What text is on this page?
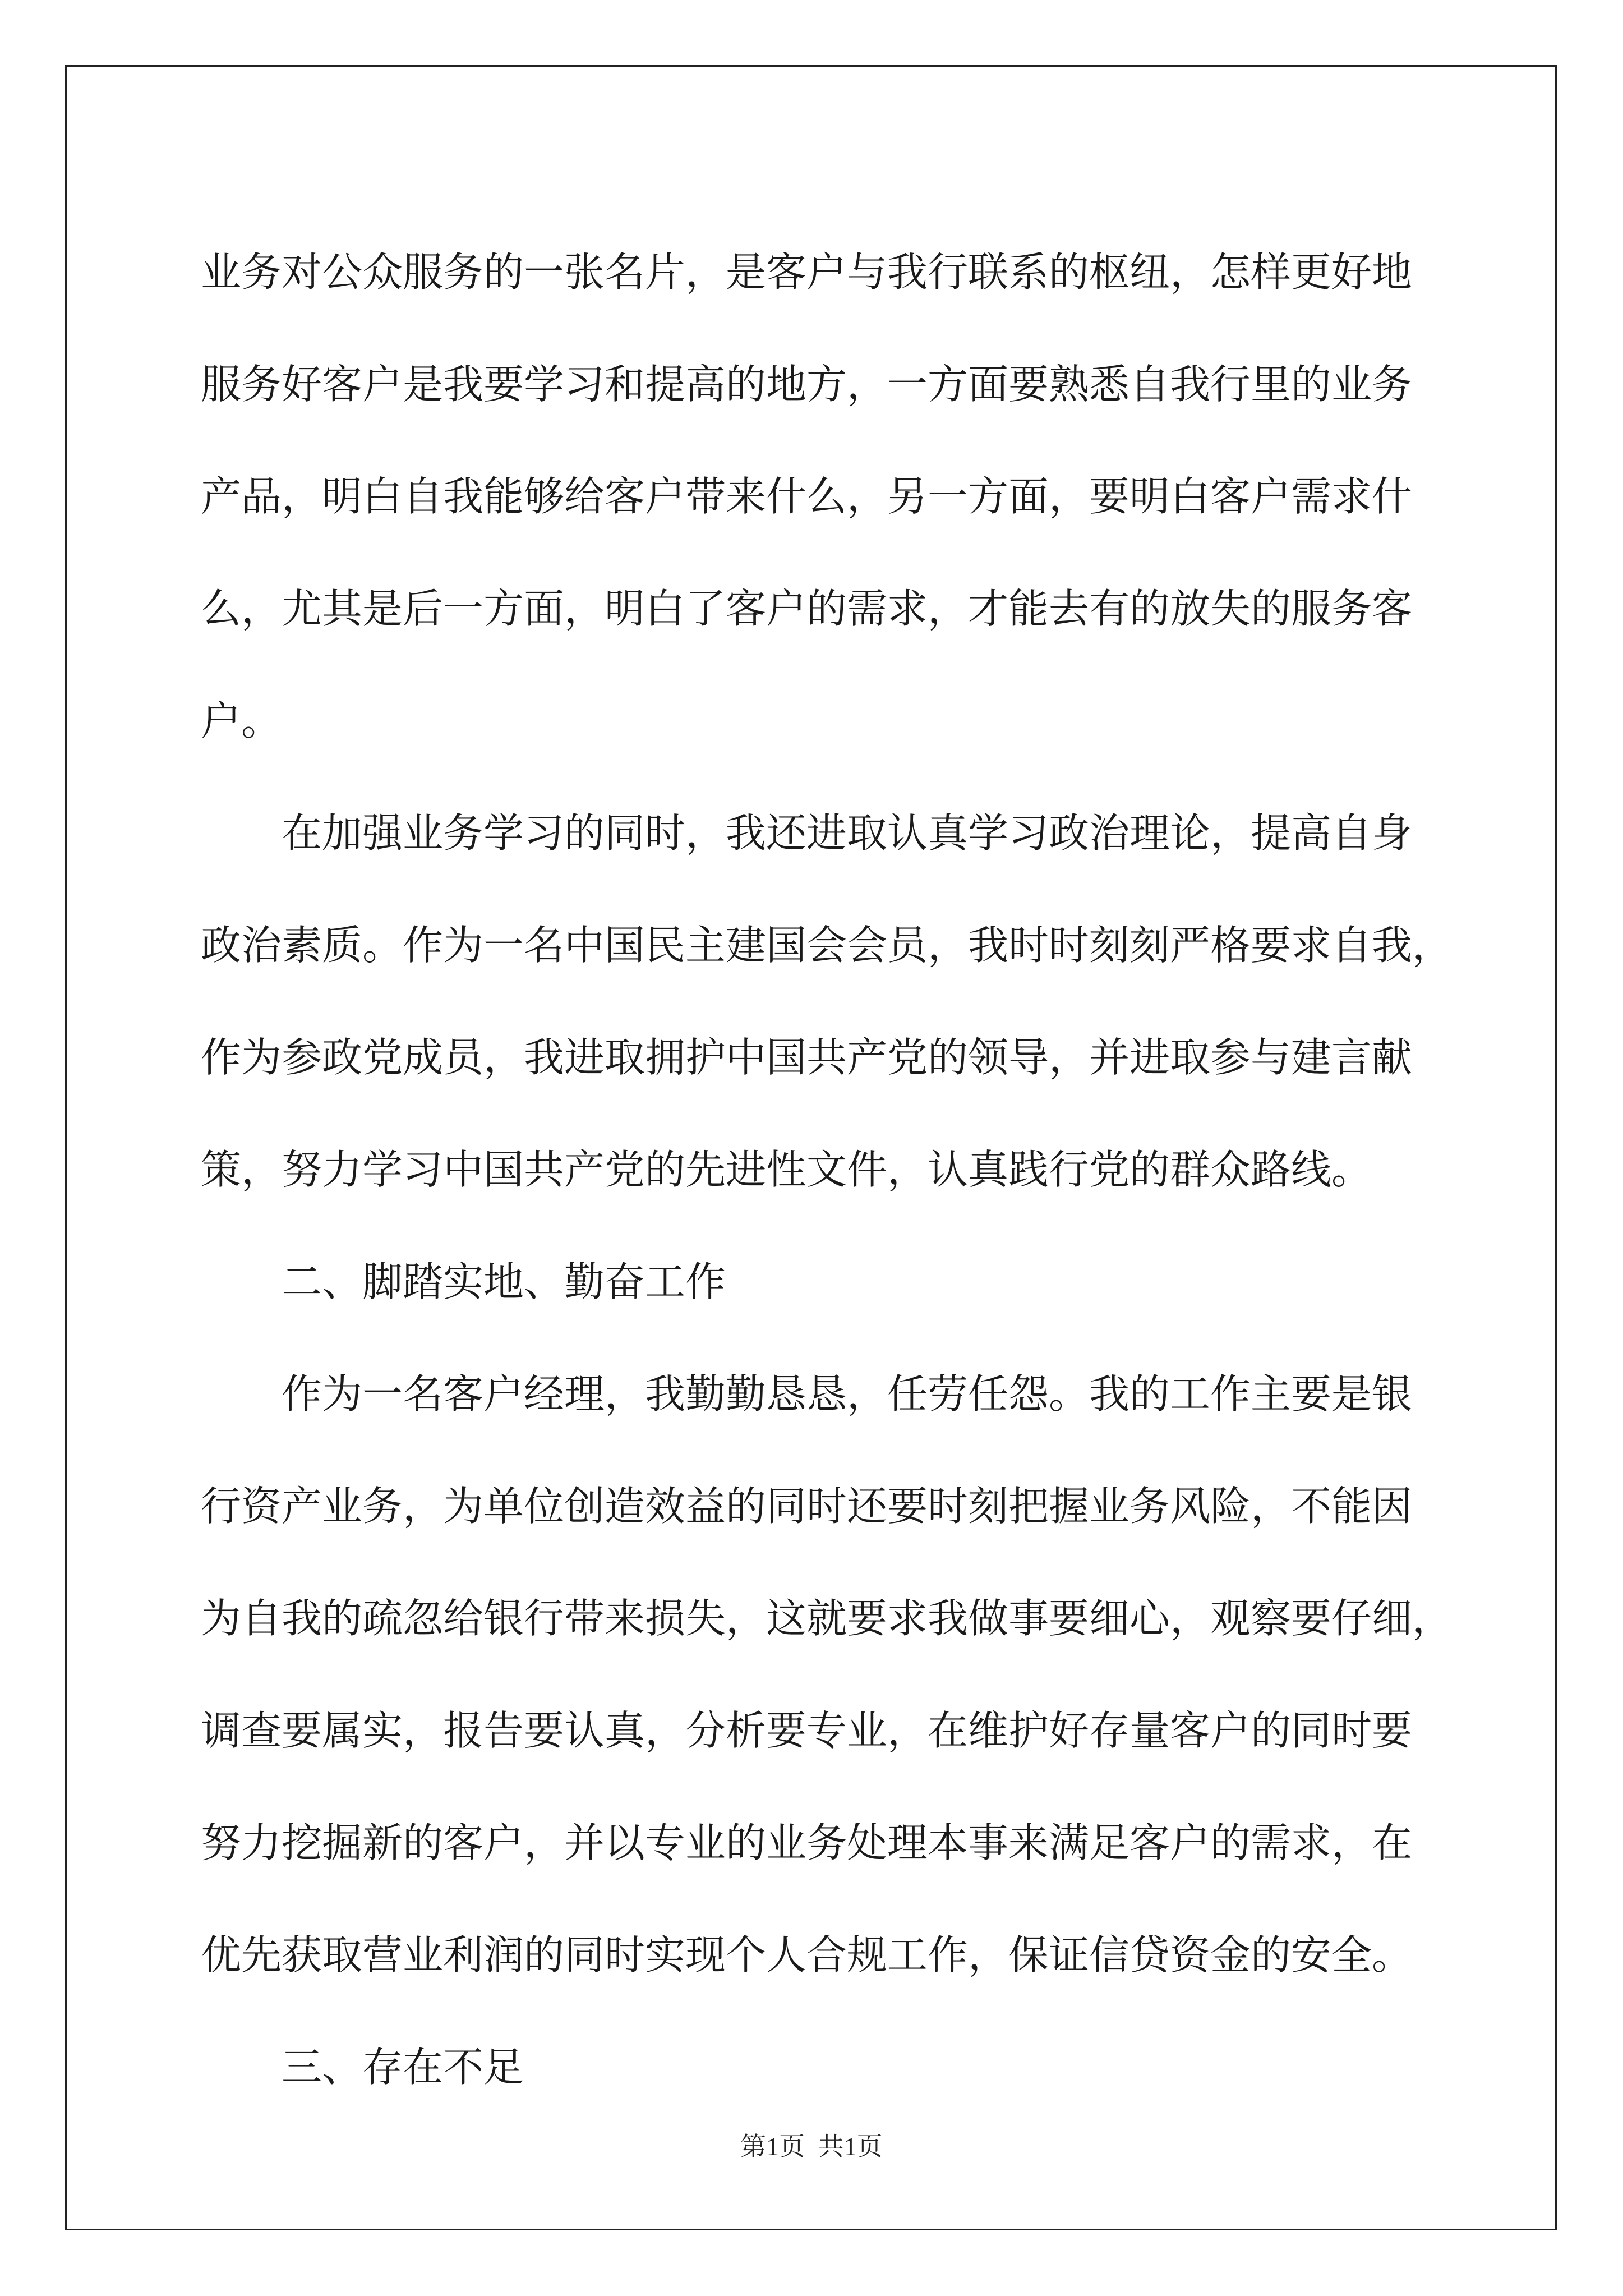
业务对公众服务的一张名片，是客户与我行联系的枢纽，怎样更好地
服务好客户是我要学习和提高的地方，一方面要熟悉自我行里的业务
产品，明白自我能够给客户带来什么，另一方面，要明白客户需求什
么，尤其是后一方面，明白了客户的需求，才能去有的放失的服务客
户。
在加强业务学习的同时，我还进取认真学习政治理论，提高自身
政治素质。作为一名中国民主建国会会员，我时时刻刻严格要求自我，
作为参政党成员，我进取拥护中国共产党的领导，并进取参与建言献
策，努力学习中国共产党的先进性文件，认真践行党的群众路线。
二、脚踏实地、勤奋工作
作为一名客户经理，我勤勤恳恳，任劳任怨。我的工作主要是银
行资产业务，为单位创造效益的同时还要时刻把握业务风险，不能因
为自我的疏忽给银行带来损失，这就要求我做事要细心，观察要仔细，
调查要属实，报告要认真，分析要专业，在维护好存量客户的同时要
努力挖掘新的客户，并以专业的业务处理本事来满足客户的需求，在
优先获取营业利润的同时实现个人合规工作，保证信贷资金的安全。
三、存在不足
第1页 共1页
